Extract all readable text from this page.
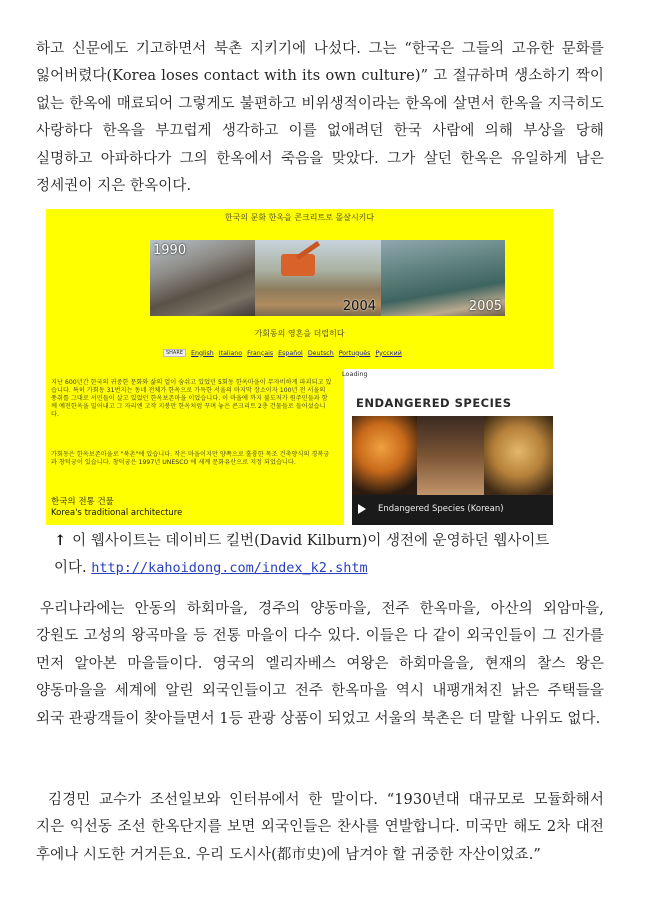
하고 신문에도 기고하면서 북촌 지키기에 나섰다. 그는 “한국은 그들의 고유한 문화를 잃어버렸다(Korea loses contact with its own culture)” 고 절규하며 생소하기 짝이 없는 한옥에 매료되어 그렇게도 불편하고 비위생적이라는 한옥에 살면서 한옥을 지극히도 사랑하다 한옥을 부끄럽게 생각하고 이를 없애려던 한국 사람에 의해 부상을 당해 실명하고 아파하다가 그의 한옥에서 죽음을 맞았다. 그가 살던 한옥은 유일하게 남은 정세권이 지은 한옥이다.

한국의 문화 한옥을 콘크리트로 몰살시키다
1990
2004	2005
가회동의 영혼을 더럽히다
SHARE	English Italiano Français Español Deutsch Português Русский

지난 600년간 한국의 귀중한 문화와 삶의 얼이 숨쉬고 있었던 5회동 한옥마을이 무자비하게 파괴되고 있습니다. 특히 가회동 31번지는 동네 전체가 한옥으로 가득한 서울의 마지막 장소이자 100년 전 서울의 풍취를 그대로 서민들이 살고 있었던 한옥보존마을 이었습니다. 이 마을에 까지 불도저가 원주민들과 함께 예전한옥을 밀어내고 그 자리엔 고작 지붕만 한옥처럼 꾸며 놓은 콘크리트 2층 건물들로 들어섰습니다.

가회동은 한옥보존마을로 "북촌"에 있습니다. 작은 마을이지만 양쪽으로 훌륭한 목조 건축양식의 경복궁과 창덕궁이 있습니다. 창덕궁은 1997년 UNESCO 에 세계 문화유산으로 지정 되었습니다.

한국의 전통 건물
Korea's traditional architecture
Loading
ENDANGERED SPECIES
Endangered Species (Korean)

↑ 이 웹사이트는 데이비드 킬번(David Kilburn)이 생전에 운영하던 웹사이트이다. http://kahoidong.com/index_k2.shtm

우리나라에는 안동의 하회마을, 경주의 양동마을, 전주 한옥마을, 아산의 외암마을, 강원도 고성의 왕곡마을 등 전통 마을이 다수 있다. 이들은 다 같이 외국인들이 그 진가를 먼저 알아본 마을들이다. 영국의 엘리자베스 여왕은 하회마을을, 현재의 찰스 왕은 양동마을을 세계에 알린 외국인들이고 전주 한옥마을 역시 내팽개쳐진 낡은 주택들을 외국 관광객들이 찾아들면서 1등 관광 상품이 되었고 서울의 북촌은 더 말할 나위도 없다.

김경민 교수가 조선일보와 인터뷰에서 한 말이다. “1930년대 대규모로 모듈화해서 지은 익선동 조선 한옥단지를 보면 외국인들은 찬사를 연발합니다. 미국만 해도 2차 대전 후에나 시도한 거거든요. 우리 도시사(都市史)에 남겨야 할 귀중한 자산이었죠.”
